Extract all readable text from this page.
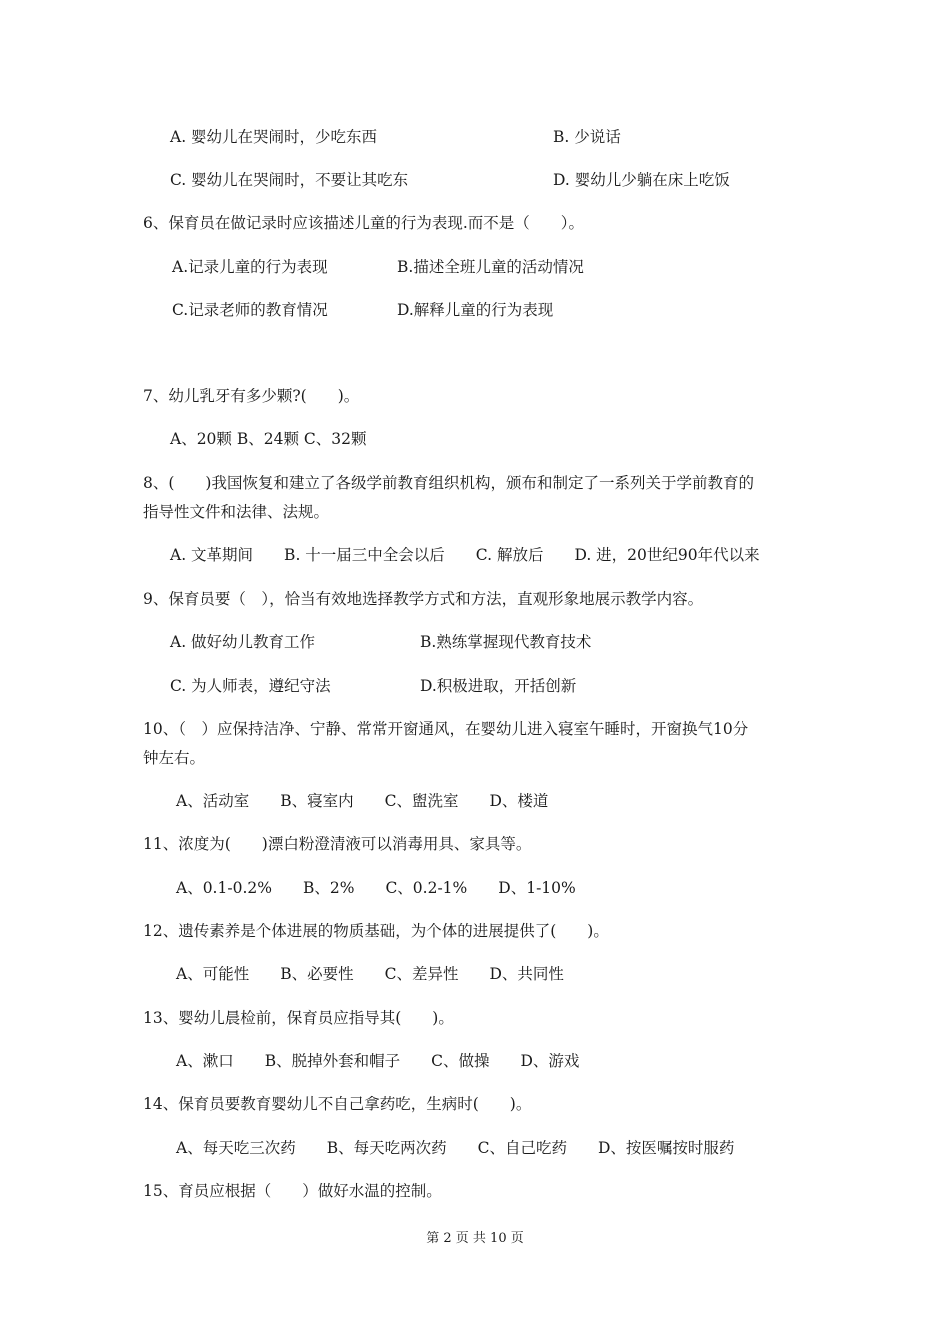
A. 婴幼儿在哭闹时，少吃东西	B. 少说话
C. 婴幼儿在哭闹时，不要让其吃东	D. 婴幼儿少躺在床上吃饭
6、保育员在做记录时应该描述儿童的行为表现.而不是（　　）。
A.记录儿童的行为表现	B.描述全班儿童的活动情况
C.记录老师的教育情况	D.解释儿童的行为表现
7、幼儿乳牙有多少颗?(　　)。
A、20颗 B、24颗 C、32颗
8、(　　)我国恢复和建立了各级学前教育组织机构，颁布和制定了一系列关于学前教育的
指导性文件和法律、法规。
A. 文革期间　　B. 十一届三中全会以后　　C. 解放后　　D. 进，20世纪90年代以来
9、保育员要（　），恰当有效地选择教学方式和方法，直观形象地展示教学内容。
A. 做好幼儿教育工作	B.熟练掌握现代教育技术
C. 为人师表，遵纪守法	D.积极进取，开括创新
10、（　）应保持洁净、宁静、常常开窗通风，在婴幼儿进入寝室午睡时，开窗换气10分
钟左右。
A、活动室　　B、寝室内　　C、盥洗室　　D、楼道
11、浓度为(　　)漂白粉澄清液可以消毒用具、家具等。
A、0.1-0.2%　　B、2%　　C、0.2-1%　　D、1-10%
12、遗传素养是个体进展的物质基础，为个体的进展提供了(　　)。
A、可能性　　B、必要性　　C、差异性　　D、共同性
13、婴幼儿晨检前，保育员应指导其(　　)。
A、漱口　　B、脱掉外套和帽子　　C、做操　　D、游戏
14、保育员要教育婴幼儿不自己拿药吃，生病时(　　)。
A、每天吃三次药　　B、每天吃两次药　　C、自己吃药　　D、按医嘱按时服药
15、育员应根据（　　）做好水温的控制。
第 2 页 共 10 页
